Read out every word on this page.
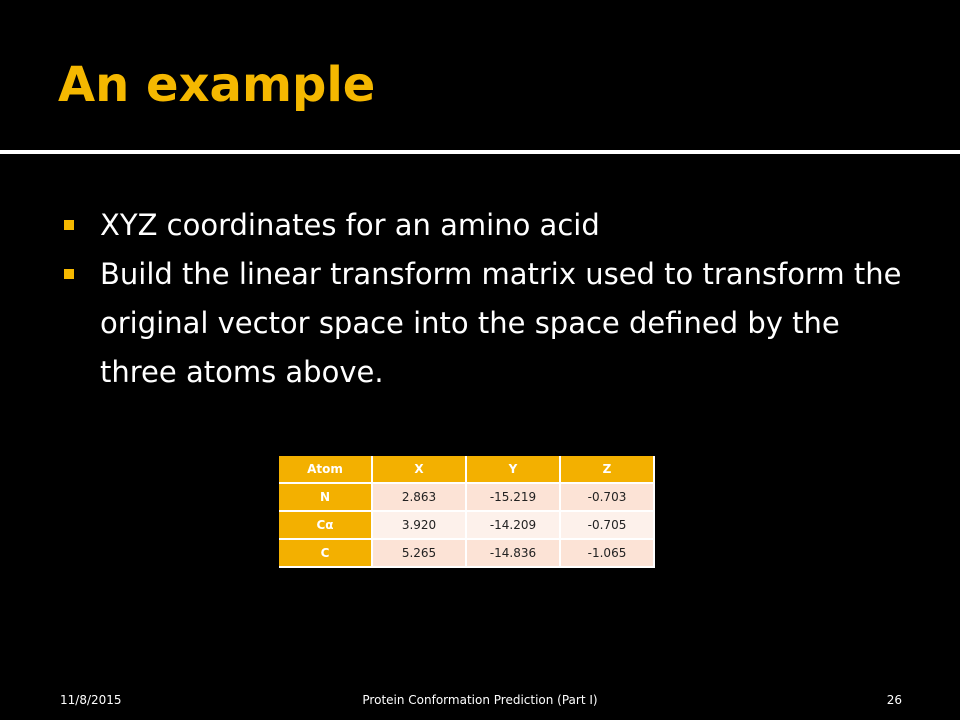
An example
XYZ coordinates for an amino acid
Build the linear transform matrix used to transform the original vector space into the space defined by the three atoms above.
Atom	X	Y	Z
N	2.863	-15.219	-0.703
Cα	3.920	-14.209	-0.705
C	5.265	-14.836	-1.065
11/8/2015	Protein Conformation Prediction (Part I)	26
